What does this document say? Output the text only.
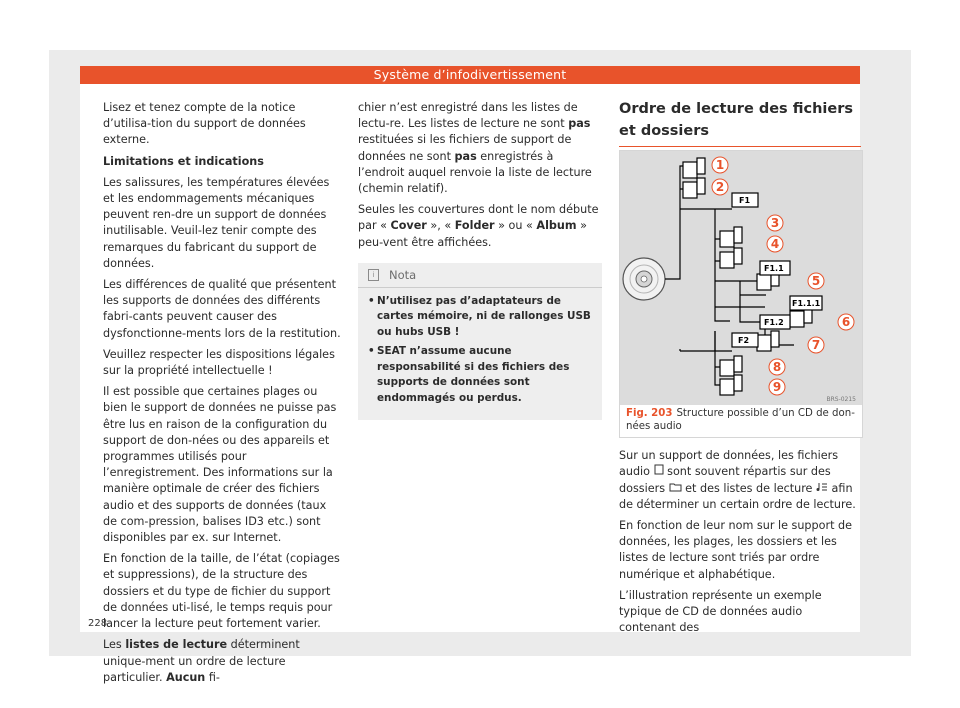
Système d’infodivertissement

Lisez et tenez compte de la notice d’utilisa-tion du support de données externe.

Limitations et indications

Les salissures, les températures élevées et les endommagements mécaniques peuvent ren-dre un support de données inutilisable. Veuil-lez tenir compte des remarques du fabricant du support de données.

Les différences de qualité que présentent les supports de données des différents fabri-cants peuvent causer des dysfonctionne-ments lors de la restitution.

Veuillez respecter les dispositions légales sur la propriété intellectuelle !

Il est possible que certaines plages ou bien le support de données ne puisse pas être lus en raison de la configuration du support de don-nées ou des appareils et programmes utilisés pour l’enregistrement. Des informations sur la manière optimale de créer des fichiers audio et des supports de données (taux de com-pression, balises ID3 etc.) sont disponibles par ex. sur Internet.

En fonction de la taille, de l’état (copiages et suppressions), de la structure des dossiers et du type de fichier du support de données uti-lisé, le temps requis pour lancer la lecture peut fortement varier.

Les listes de lecture déterminent unique-ment un ordre de lecture particulier. Aucun fi-

chier n’est enregistré dans les listes de lectu-re. Les listes de lecture ne sont pas restituées si les fichiers de support de données ne sont pas enregistrés à l’endroit auquel renvoie la liste de lecture (chemin relatif).

Seules les couvertures dont le nom débute par « Cover », « Folder » ou « Album » peu-vent être affichées.

i Nota
• N’utilisez pas d’adaptateurs de cartes mémoire, ni de rallonges USB ou hubs USB !
• SEAT n’assume aucune responsabilité si des fichiers des supports de données sont endommagés ou perdus.
Ordre de lecture des fichiers et dossiers
F1
F1.1
F1.1.1
F1.2
F2
1
2
3
4
5
6
7
8
9
BRS-0215
Fig. 203 Structure possible d’un CD de don-nées audio

Sur un support de données, les fichiers audio  sont souvent répartis sur des dossiers  et des listes de lecture  afin de déterminer un certain ordre de lecture.

En fonction de leur nom sur le support de données, les plages, les dossiers et les listes de lecture sont triés par ordre numérique et alphabétique.

L’illustration représente un exemple typique de CD de données audio contenant des

228
